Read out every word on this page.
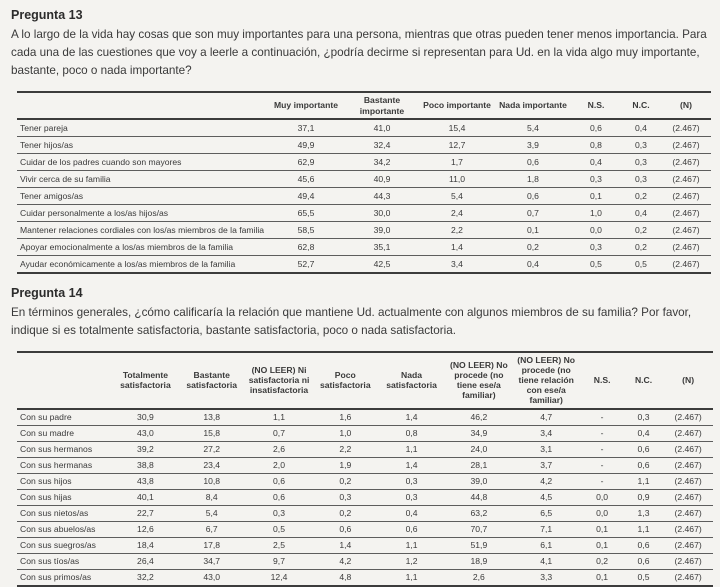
Pregunta 13

A lo largo de la vida hay cosas que son muy importantes para una persona, mientras que otras pueden tener menos importancia. Para cada una de las cuestiones que voy a leerle a continuación, ¿podría decirme si representan para Ud. en la vida algo muy importante, bastante, poco o nada importante?

	Muy importante	Bastante importante	Poco importante	Nada importante	N.S.	N.C.	(N)
Tener pareja	37,1	41,0	15,4	5,4	0,6	0,4	(2.467)
Tener hijos/as	49,9	32,4	12,7	3,9	0,8	0,3	(2.467)
Cuidar de los padres cuando son mayores	62,9	34,2	1,7	0,6	0,4	0,3	(2.467)
Vivir cerca de su familia	45,6	40,9	11,0	1,8	0,3	0,3	(2.467)
Tener amigos/as	49,4	44,3	5,4	0,6	0,1	0,2	(2.467)
Cuidar personalmente a los/as hijos/as	65,5	30,0	2,4	0,7	1,0	0,4	(2.467)
Mantener relaciones cordiales con los/as miembros de la familia	58,5	39,0	2,2	0,1	0,0	0,2	(2.467)
Apoyar emocionalmente a los/as miembros de la familia	62,8	35,1	1,4	0,2	0,3	0,2	(2.467)
Ayudar económicamente a los/as miembros de la familia	52,7	42,5	3,4	0,4	0,5	0,5	(2.467)
Pregunta 14

En términos generales, ¿cómo calificaría la relación que mantiene Ud. actualmente con algunos miembros de su familia? Por favor, indique si es totalmente satisfactoria, bastante satisfactoria, poco o nada satisfactoria.

	Totalmente satisfactoria	Bastante satisfactoria	(NO LEER) Ni satisfactoria ni insatisfactoria	Poco satisfactoria	Nada satisfactoria	(NO LEER) No procede (no tiene ese/a familiar)	(NO LEER) No procede (no tiene relación con ese/a familiar)	N.S.	N.C.	(N)
Con su padre	30,9	13,8	1,1	1,6	1,4	46,2	4,7	-	0,3	(2.467)
Con su madre	43,0	15,8	0,7	1,0	0,8	34,9	3,4	-	0,4	(2.467)
Con sus hermanos	39,2	27,2	2,6	2,2	1,1	24,0	3,1	-	0,6	(2.467)
Con sus hermanas	38,8	23,4	2,0	1,9	1,4	28,1	3,7	-	0,6	(2.467)
Con sus hijos	43,8	10,8	0,6	0,2	0,3	39,0	4,2	-	1,1	(2.467)
Con sus hijas	40,1	8,4	0,6	0,3	0,3	44,8	4,5	0,0	0,9	(2.467)
Con sus nietos/as	22,7	5,4	0,3	0,2	0,4	63,2	6,5	0,0	1,3	(2.467)
Con sus abuelos/as	12,6	6,7	0,5	0,6	0,6	70,7	7,1	0,1	1,1	(2.467)
Con sus suegros/as	18,4	17,8	2,5	1,4	1,1	51,9	6,1	0,1	0,6	(2.467)
Con sus tíos/as	26,4	34,7	9,7	4,2	1,2	18,9	4,1	0,2	0,6	(2.467)
Con sus primos/as	32,2	43,0	12,4	4,8	1,1	2,6	3,3	0,1	0,5	(2.467)
